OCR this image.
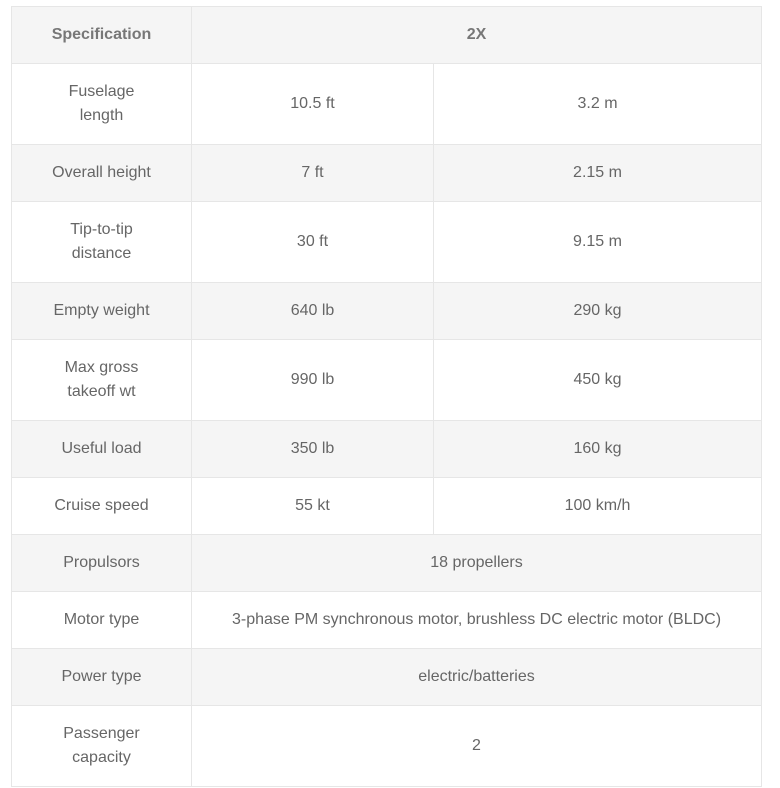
Specification	2X	
Fuselage length	10.5 ft	3.2 m
Overall height	7 ft	2.15 m
Tip-to-tip distance	30 ft	9.15 m
Empty weight	640 lb	290 kg
Max gross takeoff wt	990 lb	450 kg
Useful load	350 lb	160 kg
Cruise speed	55 kt	100 km/h
Propulsors	18 propellers	
Motor type	3-phase PM synchronous motor, brushless DC electric motor (BLDC)	
Power type	electric/batteries	
Passenger capacity	2	
